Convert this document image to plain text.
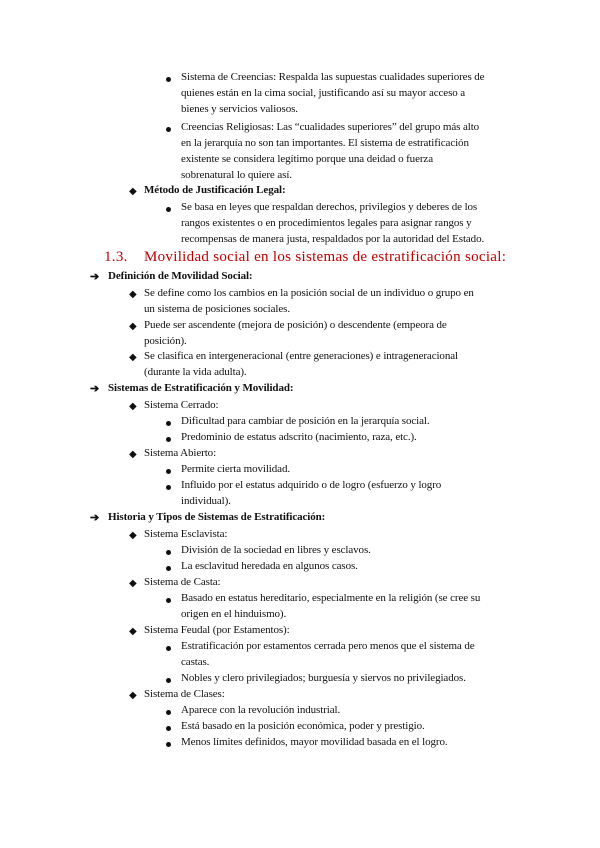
Sistema de Creencias: Respalda las supuestas cualidades superiores de
quienes están en la cima social, justificando así su mayor acceso a
bienes y servicios valiosos.
Creencias Religiosas: Las “cualidades superiores” del grupo más alto
en la jerarquía no son tan importantes. El sistema de estratificación
existente se considera legítimo porque una deidad o fuerza
sobrenatural lo quiere así.
◆ Método de Justificación Legal:
Se basa en leyes que respaldan derechos, privilegios y deberes de los
rangos existentes o en procedimientos legales para asignar rangos y
recompensas de manera justa, respaldados por la autoridad del Estado.
1.3. Movilidad social en los sistemas de estratificación social:
➔ Definición de Movilidad Social:
◆ Se define como los cambios en la posición social de un individuo o grupo en
un sistema de posiciones sociales.
◆ Puede ser ascendente (mejora de posición) o descendente (empeora de
posición).
◆ Se clasifica en intergeneracional (entre generaciones) e intrageneracional
(durante la vida adulta).
➔ Sistemas de Estratificación y Movilidad:
◆ Sistema Cerrado:
Dificultad para cambiar de posición en la jerarquía social.
Predominio de estatus adscrito (nacimiento, raza, etc.).
◆ Sistema Abierto:
Permite cierta movilidad.
Influido por el estatus adquirido o de logro (esfuerzo y logro
individual).
➔ Historia y Tipos de Sistemas de Estratificación:
◆ Sistema Esclavista:
División de la sociedad en libres y esclavos.
La esclavitud heredada en algunos casos.
◆ Sistema de Casta:
Basado en estatus hereditario, especialmente en la religión (se cree su
origen en el hinduismo).
◆ Sistema Feudal (por Estamentos):
Estratificación por estamentos cerrada pero menos que el sistema de
castas.
Nobles y clero privilegiados; burguesía y siervos no privilegiados.
◆ Sistema de Clases:
Aparece con la revolución industrial.
Está basado en la posición económica, poder y prestigio.
Menos límites definidos, mayor movilidad basada en el logro.
